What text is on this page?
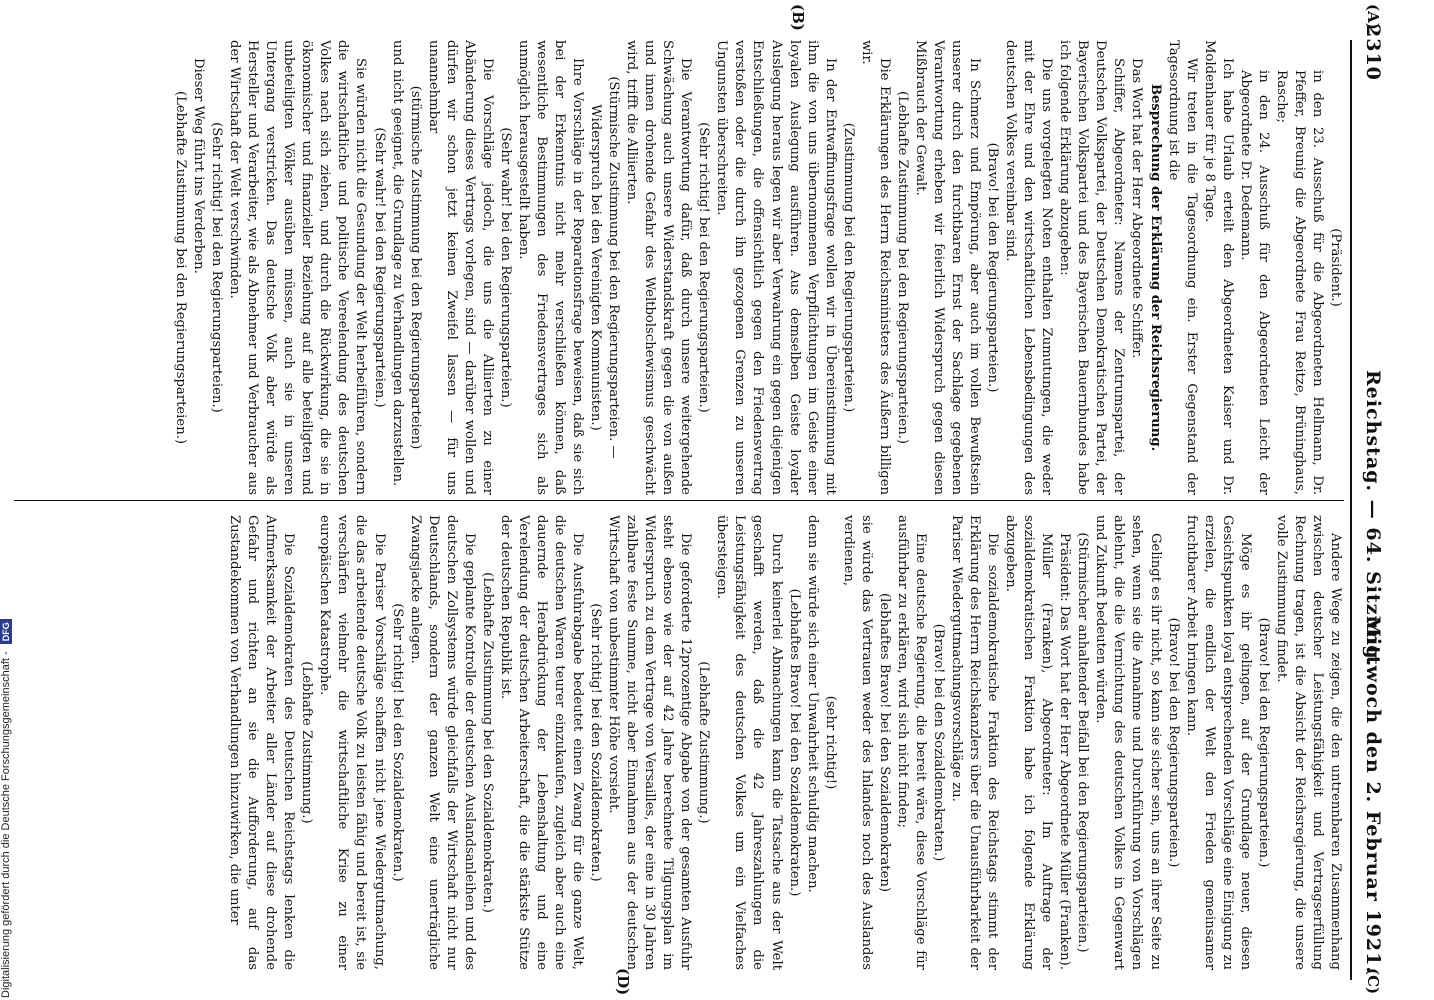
2310
Reichstag. — 64. Sitzung.
Mittwoch den 2. Februar 1921.
(A)
(B)
(C)
(D)

(Präsident.)

in den 23. Ausschuß für die Abgeordneten Hellmann, Dr. Pfeffer, Breunig die Abgeordnete Frau Reitze, Brüninghaus, Rasche;

in den 24. Ausschuß für den Abgeordneten Leicht der Abgeordnete Dr. Dedemann.

Ich habe Urlaub erteilt den Abgeordneten Kaiser und Dr. Moldenhauer für je 8 Tage.

Wir treten in die Tagesordnung ein. Erster Gegenstand der Tagesordnung ist die

Besprechung der Erklärung der Reichsregierung.

Das Wort hat der Herr Abgeordnete Schiffer.

Schiffer, Abgeordneter: Namens der Zentrumspartei, der Deutschen Volkspartei, der Deutschen Demokratischen Partei, der Bayerischen Volkspartei und des Bayerischen Bauernbundes habe ich folgende Erklärung abzugeben:

Die uns vorgelegten Noten enthalten Zumutungen, die weder mit der Ehre und den wirtschaftlichen Lebensbedingungen des deutschen Volkes vereinbar sind.

(Bravo! bei den Regierungsparteien.)

In Schmerz und Empörung, aber auch im vollen Bewußtsein unserer durch den furchtbaren Ernst der Sachlage gegebenen Verantwortung erheben wir feierlich Widerspruch gegen diesen Mißbrauch der Gewalt.

(Lebhafte Zustimmung bei den Regierungsparteien.)

Die Erklärungen des Herrn Reichsministers des Äußern billigen wir.

(Zustimmung bei den Regierungsparteien.)

In der Entwaffnungsfrage wollen wir in Übereinstimmung mit ihm die von uns übernommenen Verpflichtungen im Geiste einer loyalen Auslegung ausführen. Aus demselben Geiste loyaler Auslegung heraus legen wir aber Verwahrung ein gegen diejenigen Entschließungen, die offensichtlich gegen den Friedensvertrag verstoßen oder die durch ihn gezogenen Grenzen zu unseren Ungunsten überschreiten.

(Sehr richtig! bei den Regierungsparteien.)

Die Verantwortung dafür, daß durch unsere weitergehende Schwächung auch unsere Widerstandskraft gegen die von außen und innen drohende Gefahr des Weltbolschewismus geschwächt wird, trifft die Alliierten.

(Stürmische Zustimmung bei den Regierungsparteien. — Widerspruch bei den Vereinigten Kommunisten.)

Ihre Vorschläge in der Reparationsfrage beweisen, daß sie sich bei der Erkenntnis nicht mehr verschließen können, daß wesentliche Bestimmungen des Friedensvertrages sich als unmöglich herausgestellt haben.

(Sehr wahr! bei den Regierungsparteien.)

Die Vorschläge jedoch, die uns die Alliierten zu einer Abänderung dieses Vertrags vorlegen, sind — darüber wollen und dürfen wir schon jetzt keinen Zweifel lassen — für uns unannehmbar

(stürmische Zustimmung bei den Regierungsparteien)

und nicht geeignet, die Grundlage zu Verhandlungen darzustellen.

(Sehr wahr! bei den Regierungsparteien.)

Sie würden nicht die Gesundung der Welt herbeiführen, sondern die wirtschaftliche und politische Vereelendung des deutschen Volkes nach sich ziehen, und durch die Rückwirkung, die sie in ökonomischer und finanzieller Beziehung auf alle beteiligten und unbeteiligten Völker ausüben müssen, auch sie in unseren Untergang verstricken. Das deutsche Volk aber würde als Hersteller und Verarbeiter, wie als Abnehmer und Verbraucher aus der Wirtschaft der Welt verschwinden.

(Sehr richtig! bei den Regierungsparteien.)

Dieser Weg führt ins Verderben.

(Lebhafte Zustimmung bei den Regierungsparteien.)

Andere Wege zu zeigen, die den untrennbaren Zusammenhang zwischen deutscher Leistungsfähigkeit und Vertragserfüllung Rechnung tragen, ist die Absicht der Reichsregierung, die unsere volle Zustimmung findet.

(Bravo! bei den Regierungsparteien.)

Möge es ihr gelingen, auf der Grundlage neuer, diesen Gesichtspunkten loyal entsprechenden Vorschläge eine Einigung zu erzielen, die endlich der Welt den Frieden gemeinsamer fruchtbarer Arbeit bringen kann.

(Bravo! bei den Regierungsparteien.)

Gelingt es ihr nicht, so kann sie sicher sein, uns an ihrer Seite zu sehen, wenn sie die Annahme und Durchführung von Vorschlägen ablehnt, die die Vernichtung des deutschen Volkes in Gegenwart und Zukunft bedeuten würden.

(Stürmischer anhaltender Beifall bei den Regierungsparteien.)

Präsident: Das Wort hat der Herr Abgeordnete Müller (Franken).

Müller (Franken), Abgeordneter: Im Auftrage der sozialdemokratischen Fraktion habe ich folgende Erklärung abzugeben.

Die sozialdemokratische Fraktion des Reichstags stimmt der Erklärung des Herrn Reichskanzlers über die Unausführbarkeit der Pariser Wiedergutmachungsvorschläge zu.

(Bravo! bei den Sozialdemokraten.)

Eine deutsche Regierung, die bereit wäre, diese Vorschläge für ausführbar zu erklären, wird sich nicht finden;

(lebhaftes Bravo! bei den Sozialdemokraten)

sie würde das Vertrauen weder des Inlandes noch des Auslandes verdienen,

(sehr richtig!)

denn sie würde sich einer Unwahrheit schuldig machen.

(Lebhaftes Bravo! bei den Sozialdemokraten.)

Durch keinerlei Abmachungen kann die Tatsache aus der Welt geschafft werden, daß die 42 Jahreszahlungen die Leistungsfähigkeit des deutschen Volkes um ein Vielfaches übersteigen.

(Lebhafte Zustimmung.)

Die geforderte 12prozentige Abgabe von der gesamten Ausfuhr steht ebenso wie der auf 42 Jahre berechnete Tilgungsplan im Widerspruch zu dem Vertrage von Versailles, der eine in 30 Jahren zahlbare feste Summe, nicht aber Einnahmen aus der deutschen Wirtschaft von unbestimmter Höhe vorsieht.

(Sehr richtig! bei den Sozialdemokraten.)

Die Ausfuhrabgabe bedeutet einen Zwang für die ganze Welt, die deutschen Waren teurer einzukaufen, zugleich aber auch eine dauernde Herabdrückung der Lebenshaltung und eine Verelendung der deutschen Arbeiterschaft, die die stärkste Stütze der deutschen Republik ist.

(Lebhafte Zustimmung bei den Sozialdemokraten.)

Die geplante Kontrolle der deutschen Auslandsanleihen und des deutschen Zollsystems würde gleichfalls der Wirtschaft nicht nur Deutschlands, sondern der ganzen Welt eine unerträgliche Zwangsjacke anlegen.

(Sehr richtig! bei den Sozialdemokraten.)

Die Pariser Vorschläge schaffen nicht jene Wiedergutmachung, die das arbeitende deutsche Volk zu leisten fähig und bereit ist, sie verschärfen vielmehr die wirtschaftliche Krise zu einer europäischen Katastrophe.

(Lebhafte Zustimmung.)

Die Sozialdemokraten des Deutschen Reichstags lenken die Aufmerksamkeit der Arbeiter aller Länder auf diese drohende Gefahr und richten an sie die Aufforderung, auf das Zustandekommen von Verhandlungen hinzuwirken, die unter

Digitalisierung gefördert durch die Deutsche Forschungsgemeinschaft - DFG
